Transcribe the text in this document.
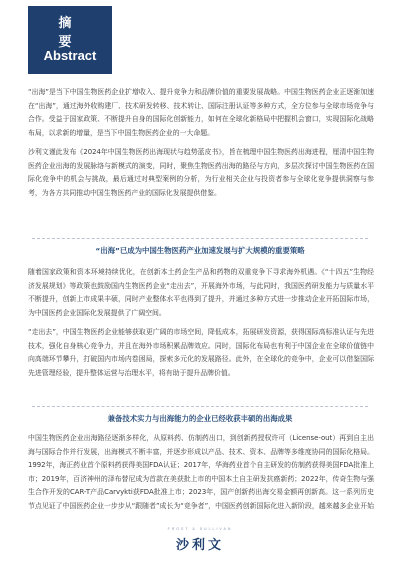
摘　要
Abstract

“出海”是当下中国生物医药企业扩增收入、提升竞争力和品牌价值的重要发展战略。中国生物医药企业正逐渐加速在“出海”，通过海外收购建厂、技术研发转移、技术转让、国际注册认证等多种方式，全方位参与全球市场竞争与合作。受益于国家政策、不断提升自身的国际化创新能力，如何在全球化新格局中把握机会窗口，实现国际化战略布局，以求新的增量，是当下中国生物医药企业的一大命题。

沙利文谨此发布《2024年中国生物医药出海现状与趋势蓝皮书》，旨在梳理中国生物医药出海进程，厘清中国生物医药企业出海的发展脉络与新模式的演变，同时，聚焦生物医药出海的路径与方向，多层次探讨中国生物医药在国际化竞争中的机会与挑战，最后通过对典型案例的分析，为行业相关企业与投资者参与全球化竞争提供洞察与参考，为各方共同推动中国生物医药产业的国际化发展提供借鉴。

“出海”已成为中国生物医药产业加速发展与扩大规模的重要策略

随着国家政策和资本环境持续优化，在创新本土药企生产品和药物的双重竞争下寻求海外机遇。《“十四五”生物经济发展规划》等政策也鼓励国内生物医药企业“走出去”，开展海外市场，与此同时，我国医药研发能力与质量水平不断提升，创新上市成果丰硕，同时产业整体水平也得到了提升，并通过多种方式进一步推动企业开拓国际市场，为中国医药企业国际化发展提供了广阔空间。

“走出去”，中国生物医药企业能够获取更广阔的市场空间，降低成本，拓展研发资源，获得国际高标准认证与先进技术，强化自身核心竞争力，并且在海外市场积累品牌效应。同时，国际化布局也有利于中国企业在全球价值链中向高端环节攀升，打破国内市场内卷困局，探索多元化的发展路径。此外，在全球化的竞争中，企业可以借鉴国际先进管理经验，提升整体运营与治理水平，将有助于提升品牌价值。

兼备技术实力与出海能力的企业已经收获丰硕的出海成果

中国生物医药企业出海路径逐渐多样化，从原料药、仿制药出口，到创新药授权许可（License-out）再到自主出海与国际合作并行发展，出海模式不断丰富，并逐步形成以产品、技术、资本、品牌等多维度协同的国际化格局。1992年，海正药业首个原料药获得美国FDA认证；2017年，华海药业首个自主研发的仿制药获得美国FDA批准上市；2019年，百济神州的泽布替尼成为首款在美获批上市的中国本土自主研发抗癌新药；2022年，传奇生物与强生合作开发的CAR-T产品Carvykti获FDA批准上市；2023年，国产创新药出海交易金额再创新高。这一系列历史节点见证了中国医药企业一步步从“跟随者”成长为“竞争者”，中国医药创新国际化进入新阶段，越来越多企业开始

FROST & SULLIVAN
沙利文
